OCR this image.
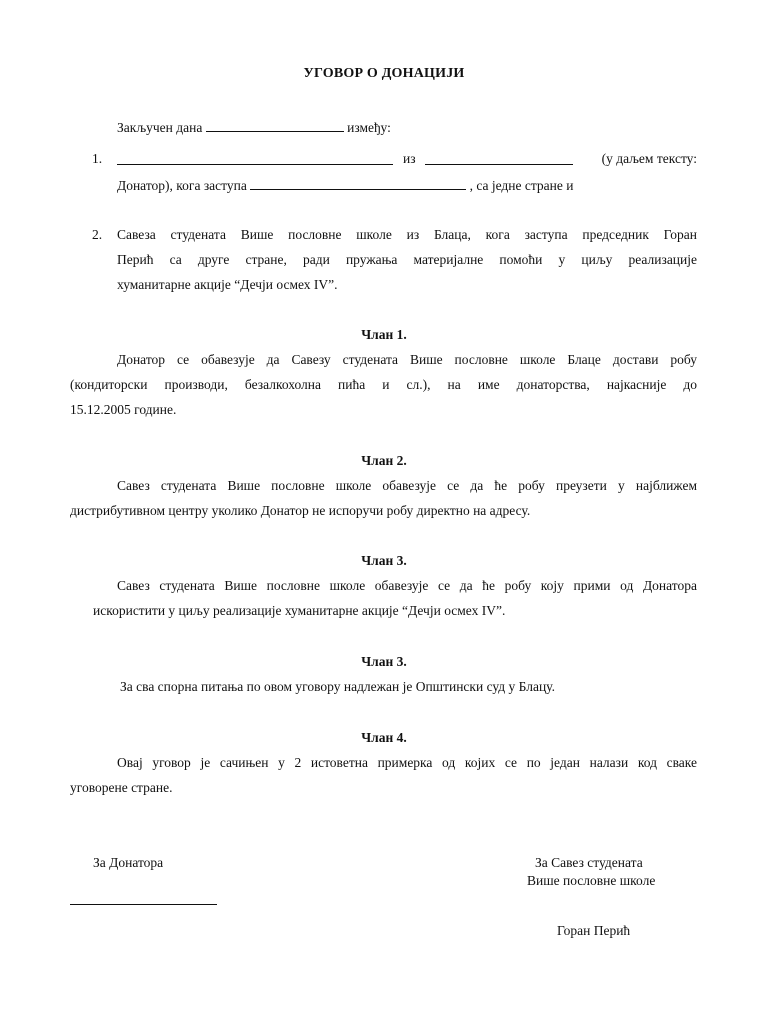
УГОВОР О ДОНАЦИЈИ
Закључен дана	између:
1.	из	(у даљем тексту:
Донатор), кога заступа	, са једне стране и
2. Савеза студената Више пословне школе из Блаца, кога заступа председник Горан
Перић са друге стране, ради пружања материјалне помоћи у циљу реализације
хуманитарне акције “Дечји осмех IV”.
Члан 1.
Донатор се обавезује да Савезу студената Више пословне школе Блаце достави робу
(кондиторски производи, безалкохолна пића и сл.), на име донаторства, најкасније до
15.12.2005 године.
Члан 2.
Савез студената Више пословне школе обавезује се да ће робу преузети у најближем
дистрибутивном центру уколико Донатор не испоручи робу директно на адресу.
Члан 3.
Савез студената Више пословне школе обавезује се да ће робу коју прими од Донатора
искористити у циљу реализације хуманитарне акције “Дечји осмех IV”.
Члан 3.
За сва спорна питања по овом уговору надлежан је Општински суд у Блацу.
Члан 4.
Овај уговор је сачињен у 2 истоветна примерка од којих се по један налази код сваке
уговорене стране.
За Донатора	За Савез студената
Више пословне школе
Горан Перић
